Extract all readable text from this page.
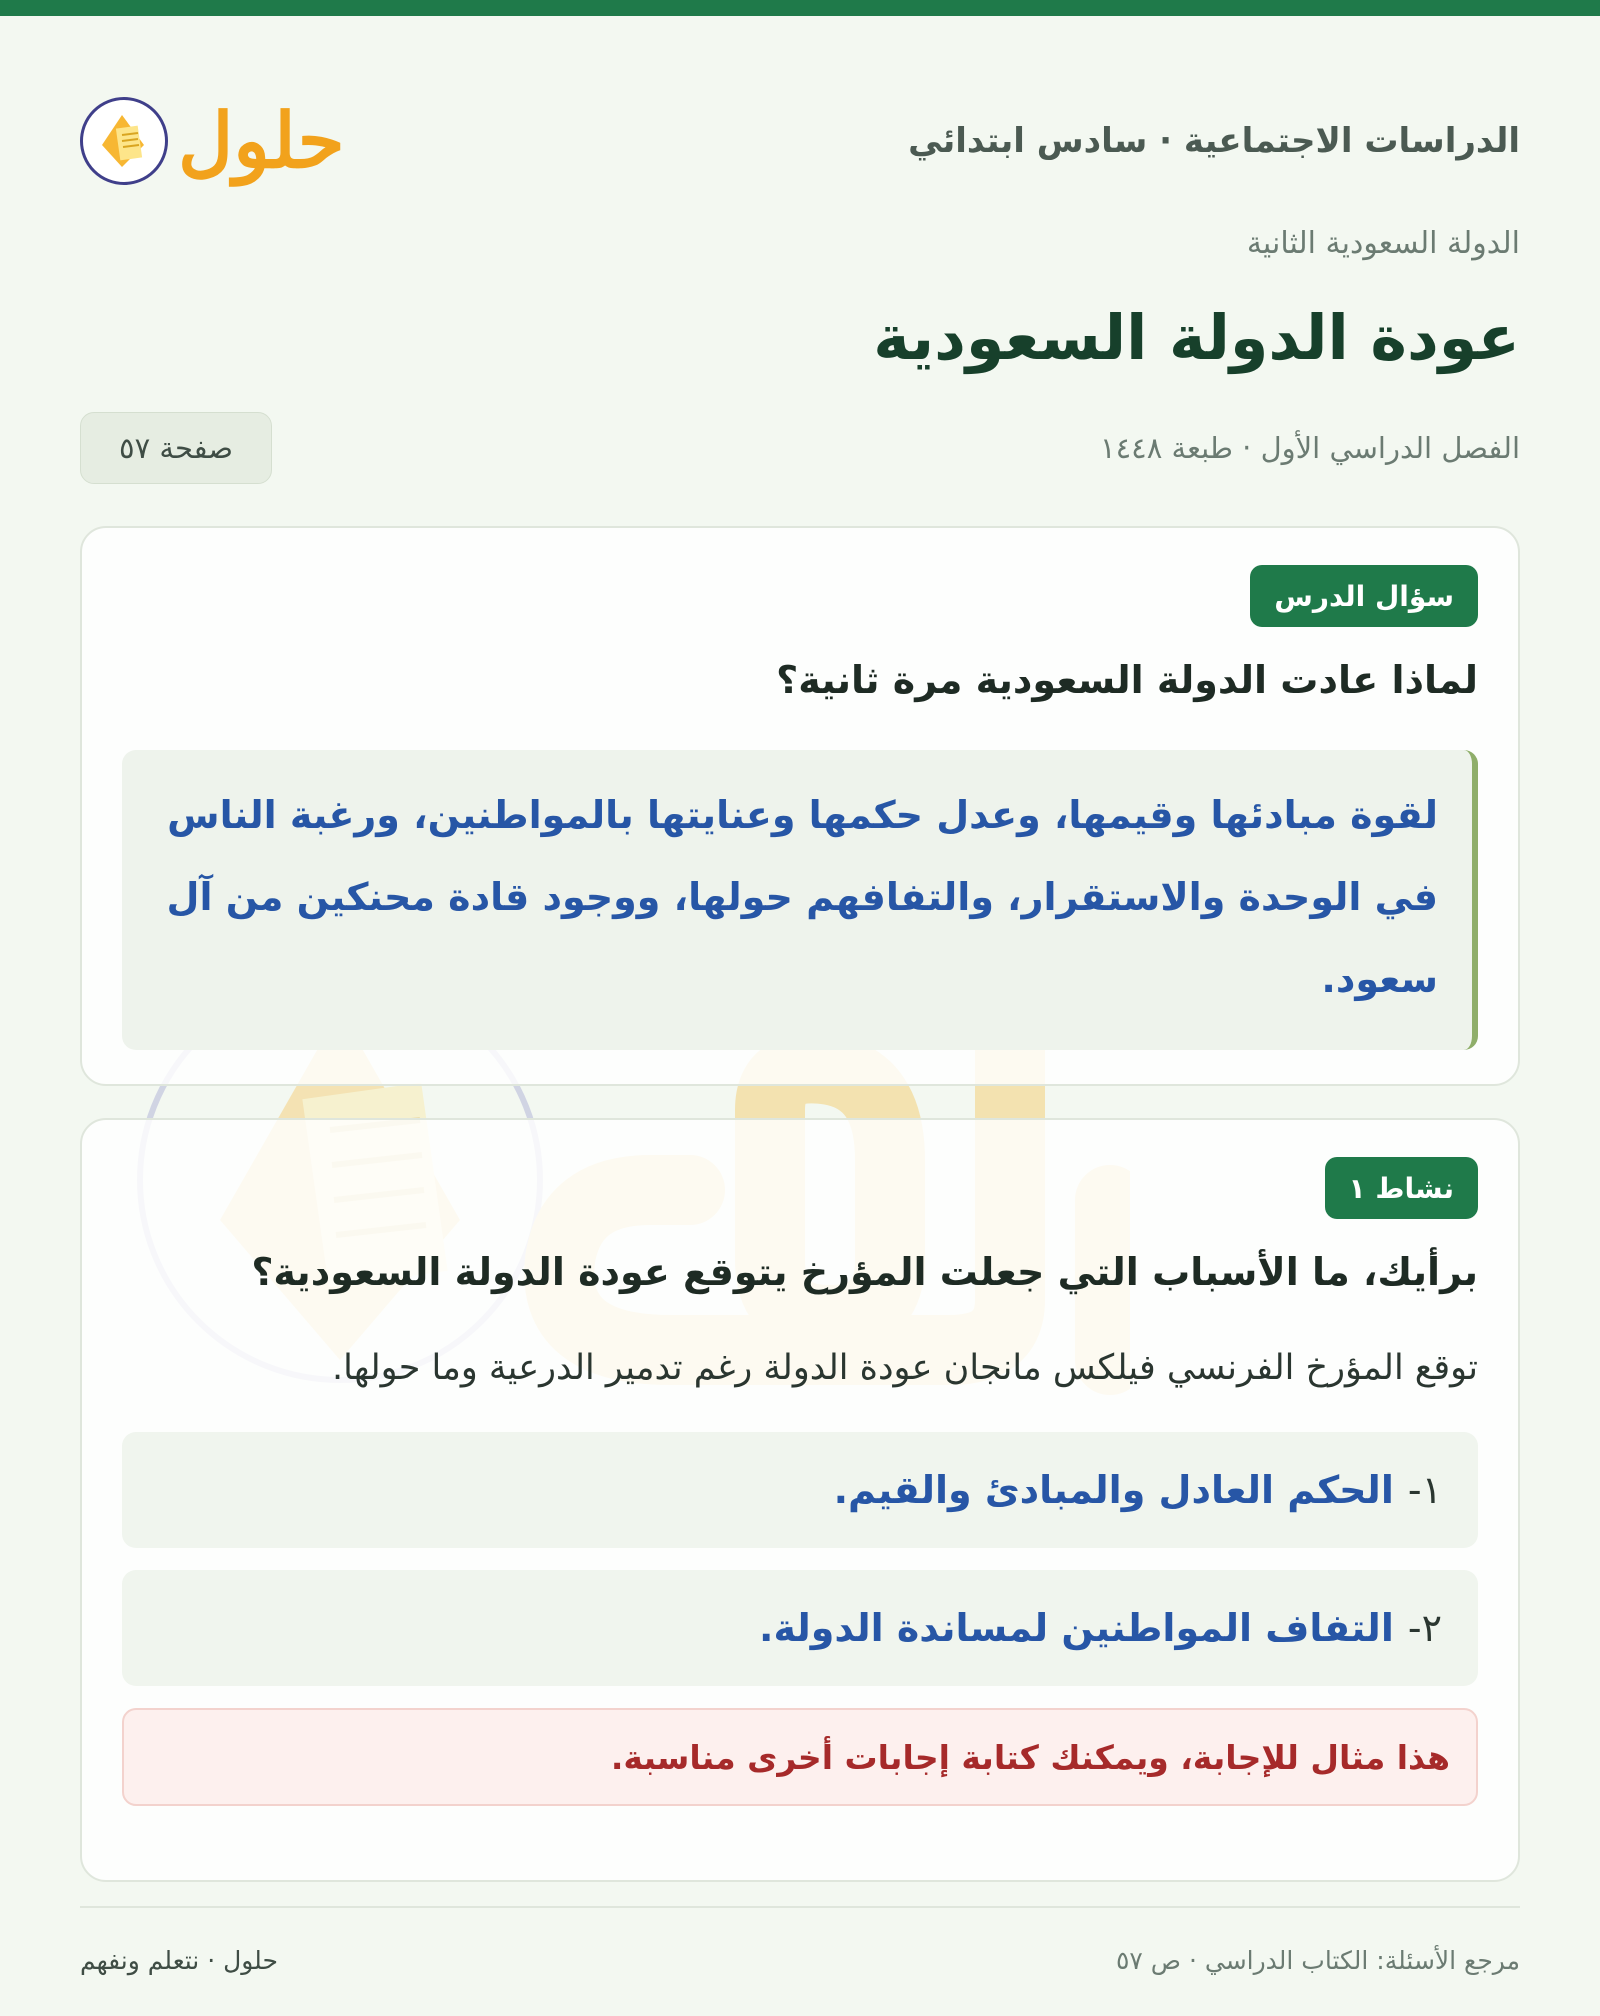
الدراسات الاجتماعية · سادس ابتدائي
حلول
الدولة السعودية الثانية
عودة الدولة السعودية
الفصل الدراسي الأول · طبعة ١٤٤٨
صفحة ٥٧
سؤال الدرس
لماذا عادت الدولة السعودية مرة ثانية؟
لقوة مبادئها وقيمها، وعدل حكمها وعنايتها بالمواطنين، ورغبة الناس في الوحدة والاستقرار، والتفافهم حولها، ووجود قادة محنكين من آل سعود.
نشاط ١
برأيك، ما الأسباب التي جعلت المؤرخ يتوقع عودة الدولة السعودية؟
توقع المؤرخ الفرنسي فيلكس مانجان عودة الدولة رغم تدمير الدرعية وما حولها.
١-
الحكم العادل والمبادئ والقيم.
٢-
التفاف المواطنين لمساندة الدولة.
هذا مثال للإجابة، ويمكنك كتابة إجابات أخرى مناسبة.
مرجع الأسئلة: الكتاب الدراسي · ص ٥٧
حلول · نتعلم ونفهم
